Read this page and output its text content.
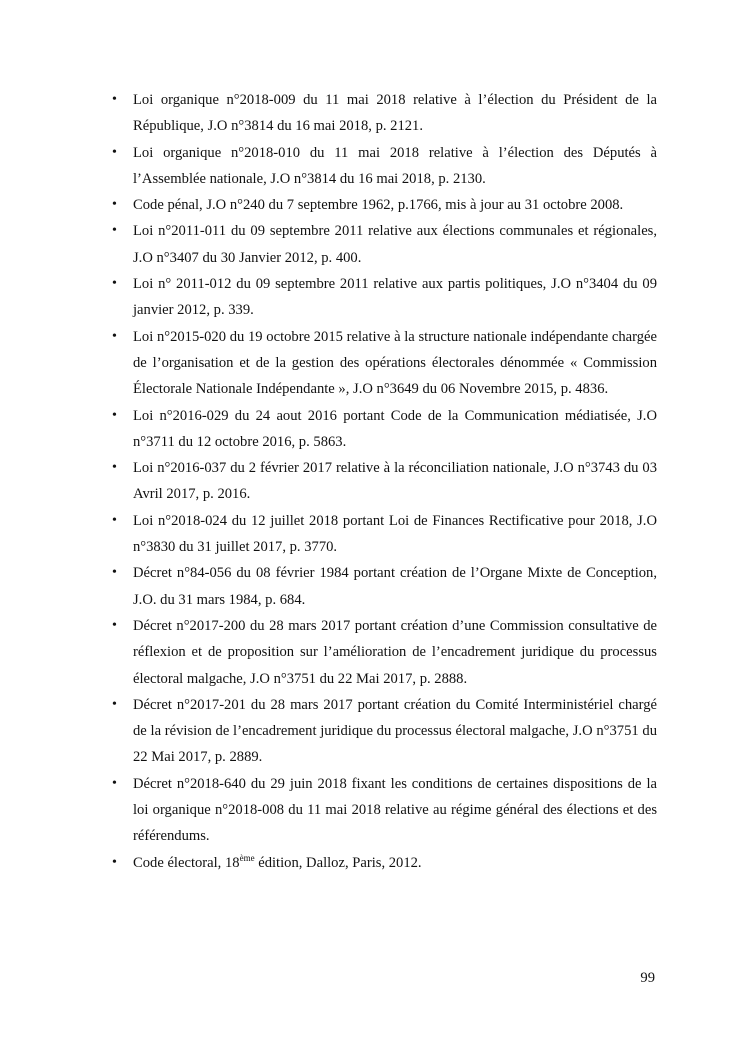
• Loi organique n°2018-009 du 11 mai 2018 relative à l’élection du Président de la République, J.O n°3814 du 16 mai 2018, p. 2121.
• Loi organique n°2018-010 du 11 mai 2018 relative à l’élection des Députés à l’Assemblée nationale, J.O n°3814 du 16 mai 2018, p. 2130.
• Code pénal, J.O n°240 du 7 septembre 1962, p.1766, mis à jour au 31 octobre 2008.
• Loi n°2011-011 du 09 septembre 2011 relative aux élections communales et régionales, J.O n°3407 du 30 Janvier 2012, p. 400.
• Loi n° 2011-012 du 09 septembre 2011 relative aux partis politiques, J.O n°3404 du 09 janvier 2012, p. 339.
• Loi n°2015-020 du 19 octobre 2015 relative à la structure nationale indépendante chargée de l’organisation et de la gestion des opérations électorales dénommée « Commission Électorale Nationale Indépendante », J.O n°3649 du 06 Novembre 2015, p. 4836.
• Loi n°2016-029 du 24 aout 2016 portant Code de la Communication médiatisée, J.O n°3711 du 12 octobre 2016, p. 5863.
• Loi n°2016-037 du 2 février 2017 relative à la réconciliation nationale, J.O n°3743 du 03 Avril 2017, p. 2016.
• Loi n°2018-024 du 12 juillet 2018 portant Loi de Finances Rectificative pour 2018, J.O n°3830 du 31 juillet 2017, p. 3770.
• Décret n°84-056 du 08 février 1984 portant création de l’Organe Mixte de Conception, J.O. du 31 mars 1984, p. 684.
• Décret n°2017-200 du 28 mars 2017 portant création d’une Commission consultative de réflexion et de proposition sur l’amélioration de l’encadrement juridique du processus électoral malgache, J.O n°3751 du 22 Mai 2017, p. 2888.
• Décret n°2017-201 du 28 mars 2017 portant création du Comité Interministériel chargé de la révision de l’encadrement juridique du processus électoral malgache, J.O n°3751 du 22 Mai 2017, p. 2889.
• Décret n°2018-640 du 29 juin 2018 fixant les conditions de certaines dispositions de la loi organique n°2018-008 du 11 mai 2018 relative au régime général des élections et des référendums.
• Code électoral, 18ème édition, Dalloz, Paris, 2012.
99
